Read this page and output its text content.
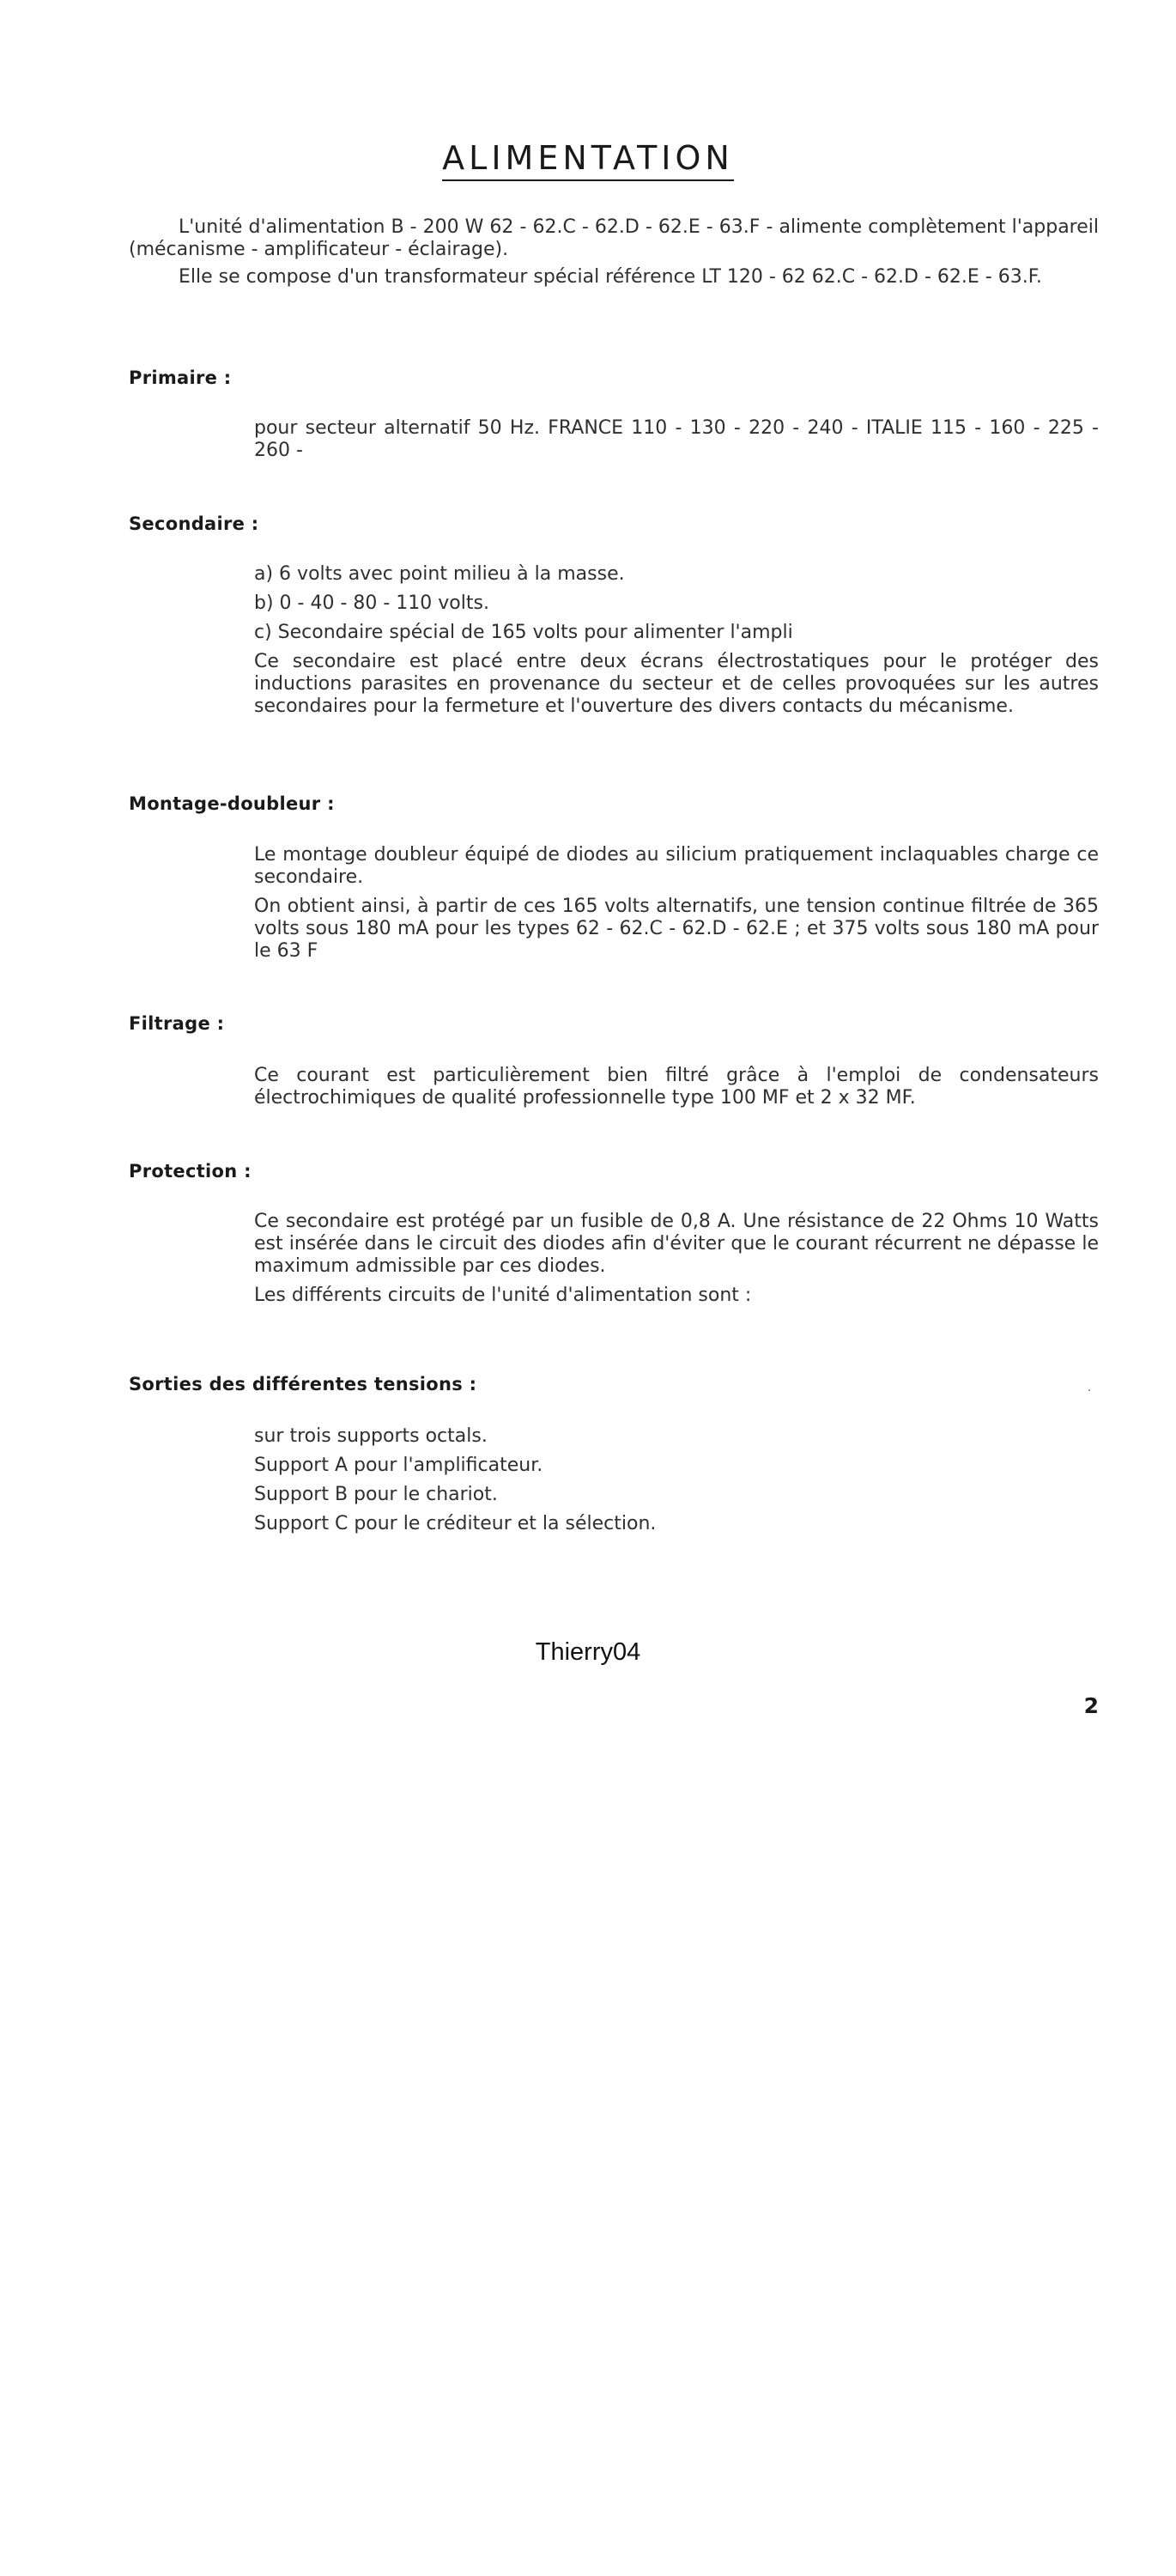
ALIMENTATION

L'unité d'alimentation B - 200 W 62 - 62.C - 62.D - 62.E - 63.F - alimente complètement l'appareil (mécanisme - amplificateur - éclairage).

Elle se compose d'un transformateur spécial référence LT 120 - 62 62.C - 62.D - 62.E - 63.F.

Primaire :

pour secteur alternatif 50 Hz. FRANCE 110 - 130 - 220 - 240 - ITALIE 115 - 160 - 225 - 260 -

Secondaire :

a) 6 volts avec point milieu à la masse.

b) 0 - 40 - 80 - 110 volts.

c) Secondaire spécial de 165 volts pour alimenter l'ampli

Ce secondaire est placé entre deux écrans électrostatiques pour le protéger des inductions parasites en provenance du secteur et de celles provoquées sur les autres secondaires pour la fermeture et l'ouverture des divers contacts du mécanisme.

Montage-doubleur :

Le montage doubleur équipé de diodes au silicium pratiquement inclaquables charge ce secondaire.

On obtient ainsi, à partir de ces 165 volts alternatifs, une tension continue filtrée de 365 volts sous 180 mA pour les types 62 - 62.C - 62.D - 62.E ; et 375 volts sous 180 mA pour le 63 F

Filtrage :

Ce courant est particulièrement bien filtré grâce à l'emploi de condensateurs électrochimiques de qualité professionnelle type 100 MF et 2 x 32 MF.

Protection :

Ce secondaire est protégé par un fusible de 0,8 A. Une résistance de 22 Ohms 10 Watts est insérée dans le circuit des diodes afin d'éviter que le courant récurrent ne dépasse le maximum admissible par ces diodes.

Les différents circuits de l'unité d'alimentation sont :

Sorties des différentes tensions :

sur trois supports octals.

Support A pour l'amplificateur.

Support B pour le chariot.

Support C pour le créditeur et la sélection.

Thierry04
2
